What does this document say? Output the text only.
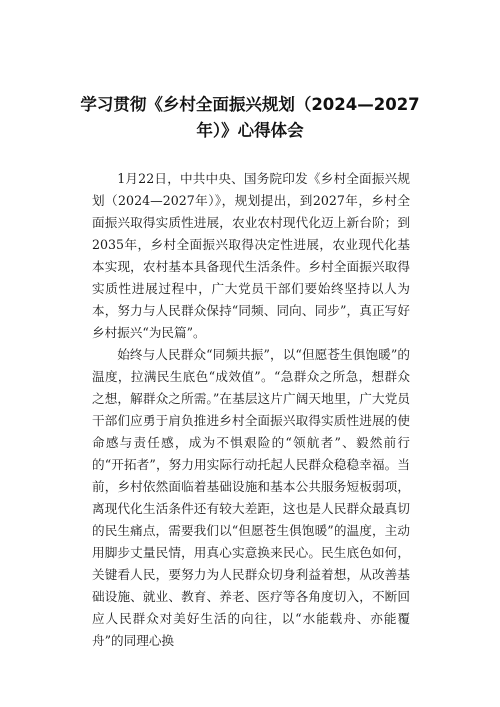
学习贯彻《乡村全面振兴规划（2024—2027年）》心得体会

1月22日，中共中央、国务院印发《乡村全面振兴规划（2024—2027年）》，规划提出，到2027年，乡村全面振兴取得实质性进展，农业农村现代化迈上新台阶；到2035年，乡村全面振兴取得决定性进展，农业现代化基本实现，农村基本具备现代生活条件。乡村全面振兴取得实质性进展过程中，广大党员干部们要始终坚持以人为本，努力与人民群众保持“同频、同向、同步”，真正写好乡村振兴“为民篇”。

始终与人民群众“同频共振”，以“但愿苍生俱饱暖”的温度，拉满民生底色“成效值”。“急群众之所急，想群众之想，解群众之所需。”在基层这片广阔天地里，广大党员干部们应勇于肩负推进乡村全面振兴取得实质性进展的使命感与责任感，成为不惧艰险的“领航者”、毅然前行的“开拓者”，努力用实际行动托起人民群众稳稳幸福。当前，乡村依然面临着基础设施和基本公共服务短板弱项，离现代化生活条件还有较大差距，这也是人民群众最真切的民生痛点，需要我们以“但愿苍生俱饱暖”的温度，主动用脚步丈量民情，用真心实意换来民心。民生底色如何，关键看人民，要努力为人民群众切身利益着想，从改善基础设施、就业、教育、养老、医疗等各角度切入，不断回应人民群众对美好生活的向往，以“水能载舟、亦能覆舟”的同理心换
